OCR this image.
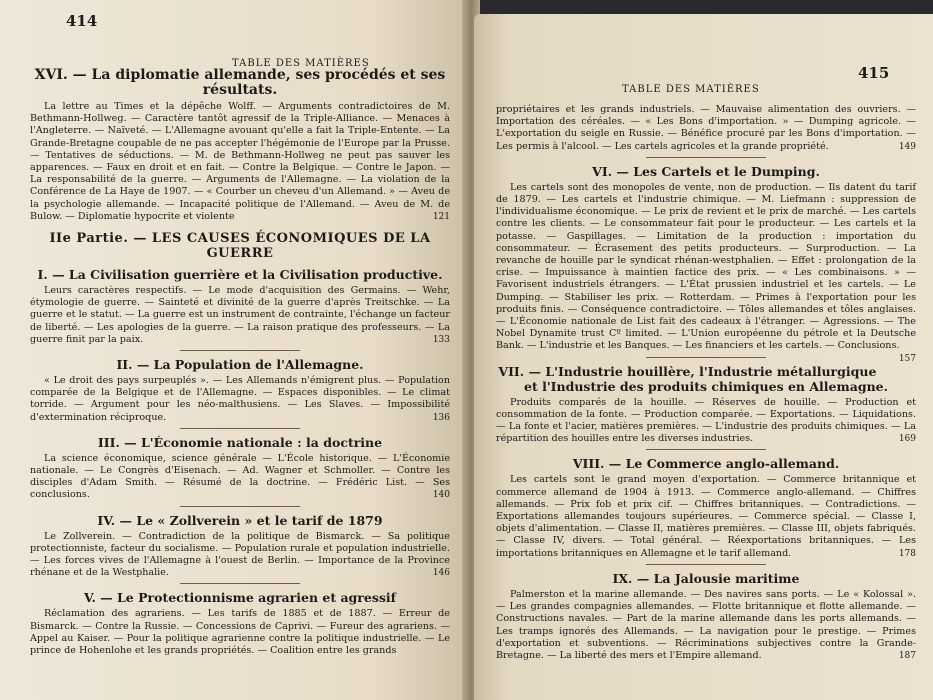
414
TABLE DES MATIÈRES
XVI. — La diplomatie allemande, ses procédés et ses résultats.

La lettre au Times et la dépêche Wolff. — Arguments contradictoires de M. Bethmann-Hollweg. — Caractère tantôt agressif de la Triple-Alliance. — Menaces à l'Angleterre. — Naïveté. — L'Allemagne avouant qu'elle a fait la Triple-Entente. — La Grande-Bretagne coupable de ne pas accepter l'hégémonie de l'Europe par la Prusse. — Tentatives de séductions. — M. de Bethmann-Hollweg ne peut pas sauver les apparences. — Faux en droit et en fait. — Contre la Belgique. — Contre le Japon. — La responsabilité de la guerre. — Arguments de l'Allemagne. — La violation de la Conférence de La Haye de 1907. — « Courber un cheveu d'un Allemand. » — Aveu de la psychologie allemande. — Incapacité politique de l'Allemand. — Aveu de M. de Bulow. — Diplomatie hypocrite et violente	121

IIe Partie. — LES CAUSES ÉCONOMIQUES DE LA GUERRE
I. — La Civilisation guerrière et la Civilisation productive.

Leurs caractères respectifs. — Le mode d'acquisition des Germains. — Wehr, étymologie de guerre. — Sainteté et divinité de la guerre d'après Treitschke. — La guerre et le statut. — La guerre est un instrument de contrainte, l'échange un facteur de liberté. — Les apologies de la guerre. — La raison pratique des professeurs. — La guerre finit par la paix.	133

II. — La Population de l'Allemagne.

« Le droit des pays surpeuplés ». — Les Allemands n'émigrent plus. — Population comparée de la Belgique et de l'Allemagne. — Espaces disponibles. — Le climat torride. — Argument pour les néo-malthusiens. — Les Slaves. — Impossibilité d'extermination réciproque.	136

III. — L'Économie nationale : la doctrine

La science économique, science générale — L'École historique. — L'Économie nationale. — Le Congrès d'Eisenach. — Ad. Wagner et Schmoller. — Contre les disciples d'Adam Smith. — Résumé de la doctrine. — Frédéric List. — Ses conclusions.	140

IV. — Le « Zollverein » et le tarif de 1879

Le Zollverein. — Contradiction de la politique de Bismarck. — Sa politique protectionniste, facteur du socialisme. — Population rurale et population industrielle. — Les forces vives de l'Allemagne à l'ouest de Berlin. — Importance de la Province rhénane et de la Westphalie.	146

V. — Le Protectionnisme agrarien et agressif

Réclamation des agrariens. — Les tarifs de 1885 et de 1887. — Erreur de Bismarck. — Contre la Russie. — Concessions de Caprivi. — Fureur des agrariens. — Appel au Kaiser. — Pour la politique agrarienne contre la politique industrielle. — Le prince de Hohenlohe et les grands propriétés. — Coalition entre les grands

TABLE DES MATIÈRES
415

propriétaires et les grands industriels. — Mauvaise alimentation des ouvriers. — Importation des céréales. — « Les Bons d'importation. » — Dumping agricole. — L'exportation du seigle en Russie. — Bénéfice procuré par les Bons d'importation. — Les permis à l'alcool. — Les cartels agricoles et la grande propriété.	149

VI. — Les Cartels et le Dumping.

Les cartels sont des monopoles de vente, non de production. — Ils datent du tarif de 1879. — Les cartels et l'industrie chimique. — M. Liefmann : suppression de l'individualisme économique. — Le prix de revient et le prix de marché. — Les cartels contre les clients. — Le consommateur fait pour le producteur. — Les cartels et la potasse. — Gaspillages. — Limitation de la production : importation du consommateur. — Écrasement des petits producteurs. — Surproduction. — La revanche de houille par le syndicat rhénan-westphalien. — Effet : prolongation de la crise. — Impuissance à maintien factice des prix. — « Les combinaisons. » — Favorisent industriels étrangers. — L'État prussien industriel et les cartels. — Le Dumping. — Stabiliser les prix. — Rotterdam. — Primes à l'exportation pour les produits finis. — Conséquence contradictoire. — Tôles allemandes et tôles anglaises. — L'Économie nationale de List fait des cadeaux à l'étranger. — Agressions. — The Nobel Dynamite trust Cº limited. — L'Union européenne du pétrole et la Deutsche Bank. — L'industrie et les Banques. — Les financiers et les cartels. — Conclusions.
157

VII. — L'Industrie houillère, l'Industrie métallurgique et l'Industrie des produits chimiques en Allemagne.

Produits comparés de la houille. — Réserves de houille. — Production et consommation de la fonte. — Production comparée. — Exportations. — Liquidations. — La fonte et l'acier, matières premières. — L'industrie des produits chimiques. — La répartition des houilles entre les diverses industries.	169

VIII. — Le Commerce anglo-allemand.

Les cartels sont le grand moyen d'exportation. — Commerce britannique et commerce allemand de 1904 à 1913. — Commerce anglo-allemand. — Chiffres allemands. — Prix fob et prix cif. — Chiffres britanniques. — Contradictions. — Exportations allemandes toujours supérieures. — Commerce spécial. — Classe I, objets d'alimentation. — Classe II, matières premières. — Classe III, objets fabriqués. — Classe IV, divers. — Total général. — Réexportations britanniques. — Les importations britanniques en Allemagne et le tarif allemand.	178

IX. — La Jalousie maritime

Palmerston et la marine allemande. — Des navires sans ports. — Le « Kolossal ». — Les grandes compagnies allemandes. — Flotte britannique et flotte allemande. — Constructions navales. — Part de la marine allemande dans les ports allemands. — Les tramps ignorés des Allemands. — La navigation pour le prestige. — Primes d'exportation et subventions. — Récriminations subjectives contre la Grande-Bretagne. — La liberté des mers et l'Empire allemand.	187
